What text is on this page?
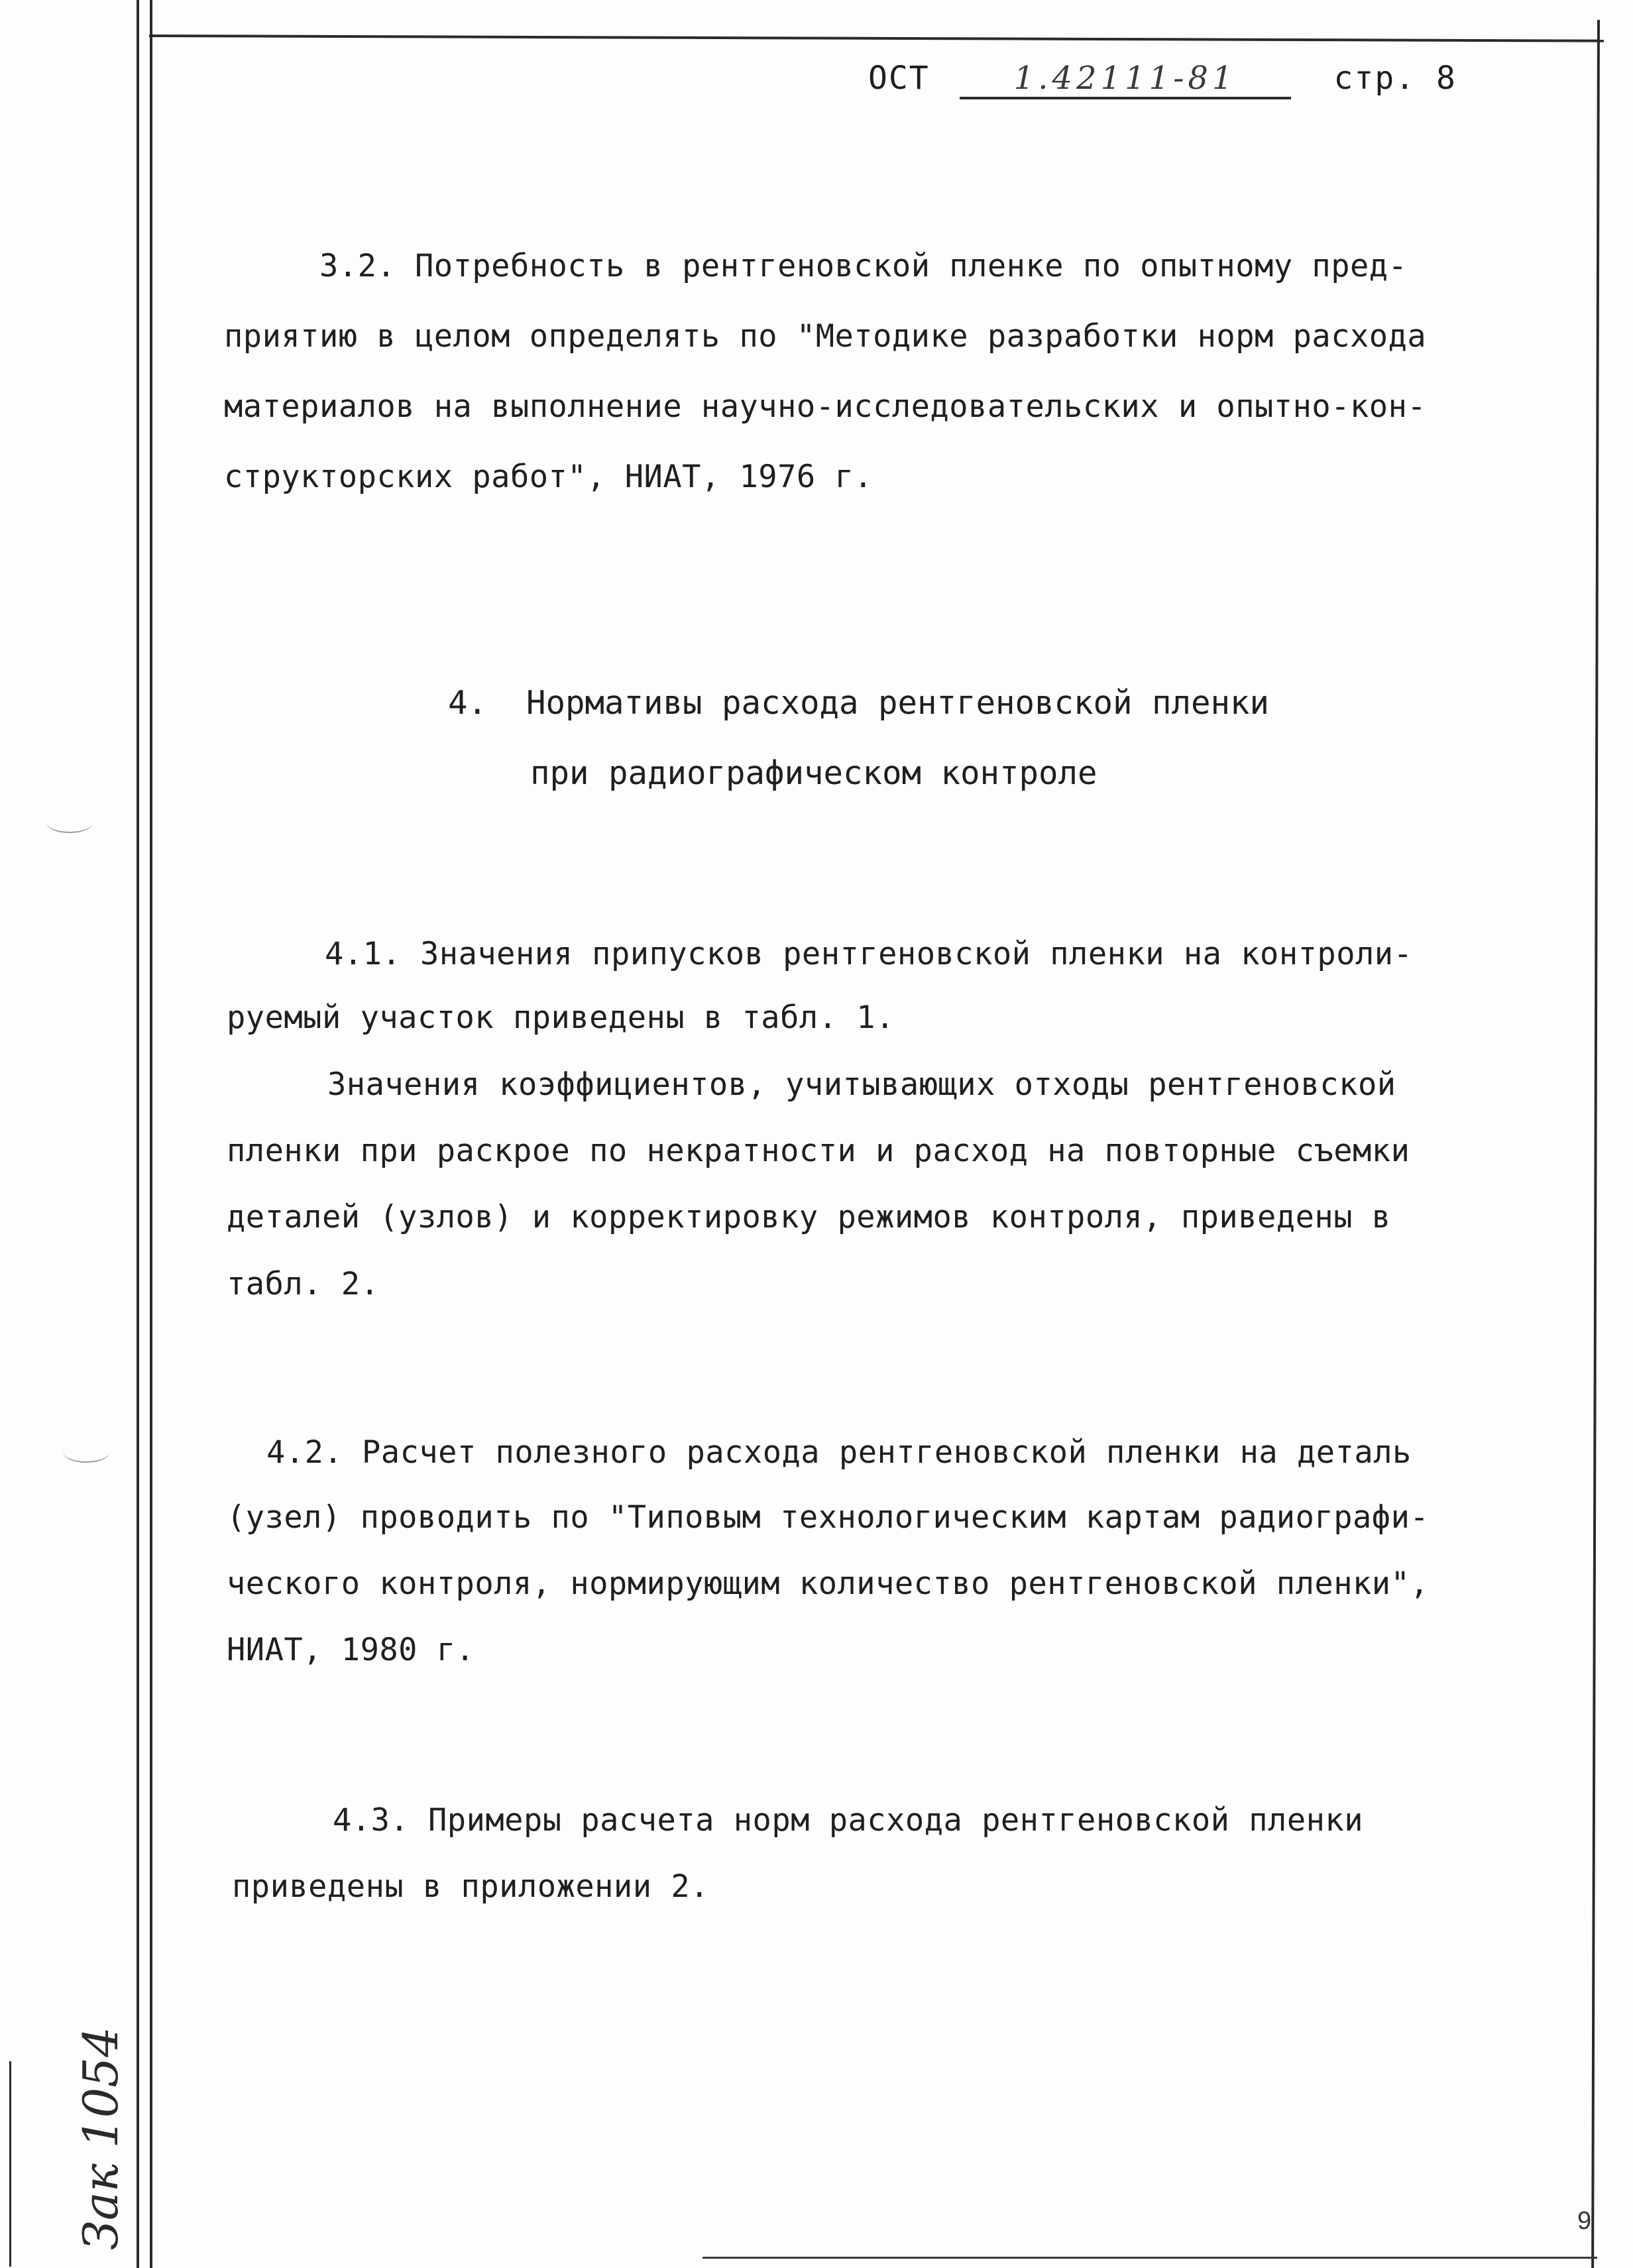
ОСТ	1.42111-81	стр. 8
3.2. Потребность в рентгеновской пленке по опытному пред-
приятию в целом определять по "Методике разработки норм расхода
материалов на выполнение научно-исследовательских и опытно-кон-
структорских работ", НИАТ, 1976 г.
4.  Нормативы расхода рентгеновской пленки
при радиографическом контроле
4.1. Значения припусков рентгеновской пленки на контроли-
руемый участок приведены в табл. 1.
Значения коэффициентов, учитывающих отходы рентгеновской
пленки при раскрое по некратности и расход на повторные съемки
деталей (узлов) и корректировку режимов контроля, приведены в
табл. 2.
4.2. Расчет полезного расхода рентгеновской пленки на деталь
(узел) проводить по "Типовым технологическим картам радиографи-
ческого контроля, нормирующим количество рентгеновской пленки",
НИАТ, 1980 г.
4.3. Примеры расчета норм расхода рентгеновской пленки
приведены в приложении 2.
Зак 1054	9
